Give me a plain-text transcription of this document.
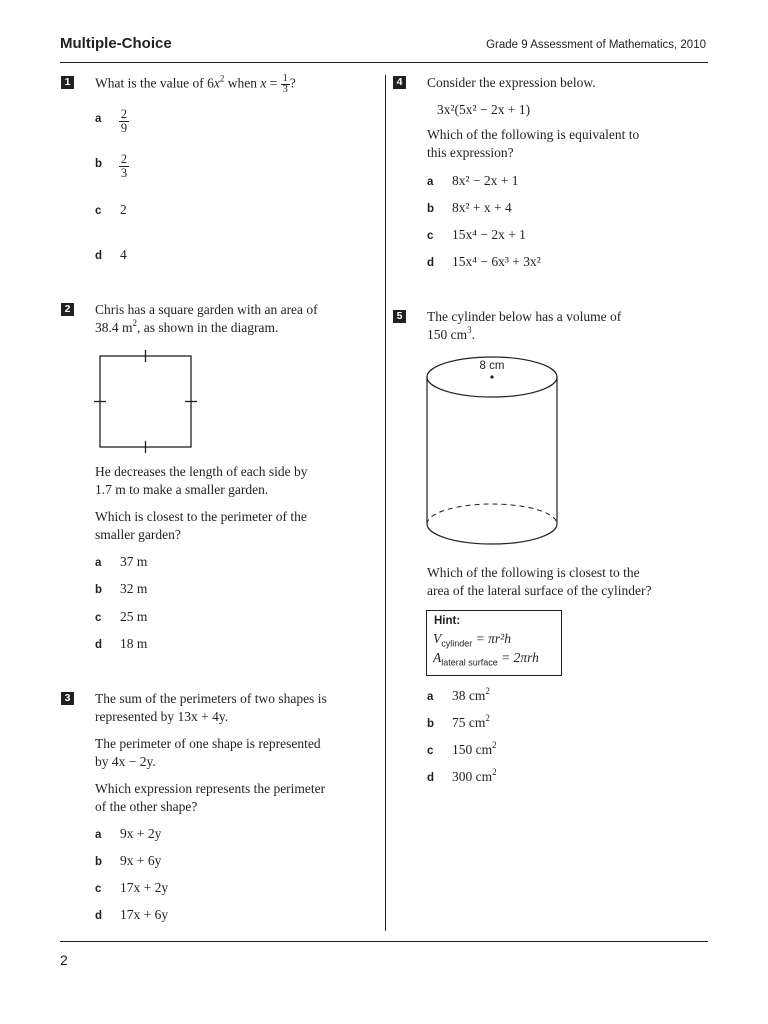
Multiple-Choice	Grade 9 Assessment of Mathematics, 2010
1 What is the value of $6x^2$ when $x = \frac{1}{3}$ ?
a $\frac{2}{9}$
b $\frac{2}{3}$
c 2
d 4
2 Chris has a square garden with an area of
38.4 $m^2$, as shown in the diagram.
He decreases the length of each side by
1.7 m to make a smaller garden.
Which is closest to the perimeter of the
smaller garden?
a 37 m
b 32 m
c 25 m
d 18 m
3 The sum of the perimeters of two shapes is
represented by 13x + 4y.
The perimeter of one shape is represented
by 4x − 2y.
Which expression represents the perimeter
of the other shape?
a 9x + 2y
b 9x + 6y
c 17x + 2y
d 17x + 6y
4 Consider the expression below.
3x²(5x² − 2x + 1)
Which of the following is equivalent to
this expression?
a 8x² − 2x + 1
b 8x² + x + 4
c 15x⁴ − 2x + 1
d 15x⁴ − 6x³ + 3x²
5 The cylinder below has a volume of
150 $cm^3$.
8 cm
Which of the following is closest to the
area of the lateral surface of the cylinder?
Hint:
$V_{cylinder} = \pi r^2h$
$A_{lateral surface} = 2\pi rh$
a 38 $cm^2$
b 75 $cm^2$
c 150 $cm^2$
d 300 $cm^2$
2
